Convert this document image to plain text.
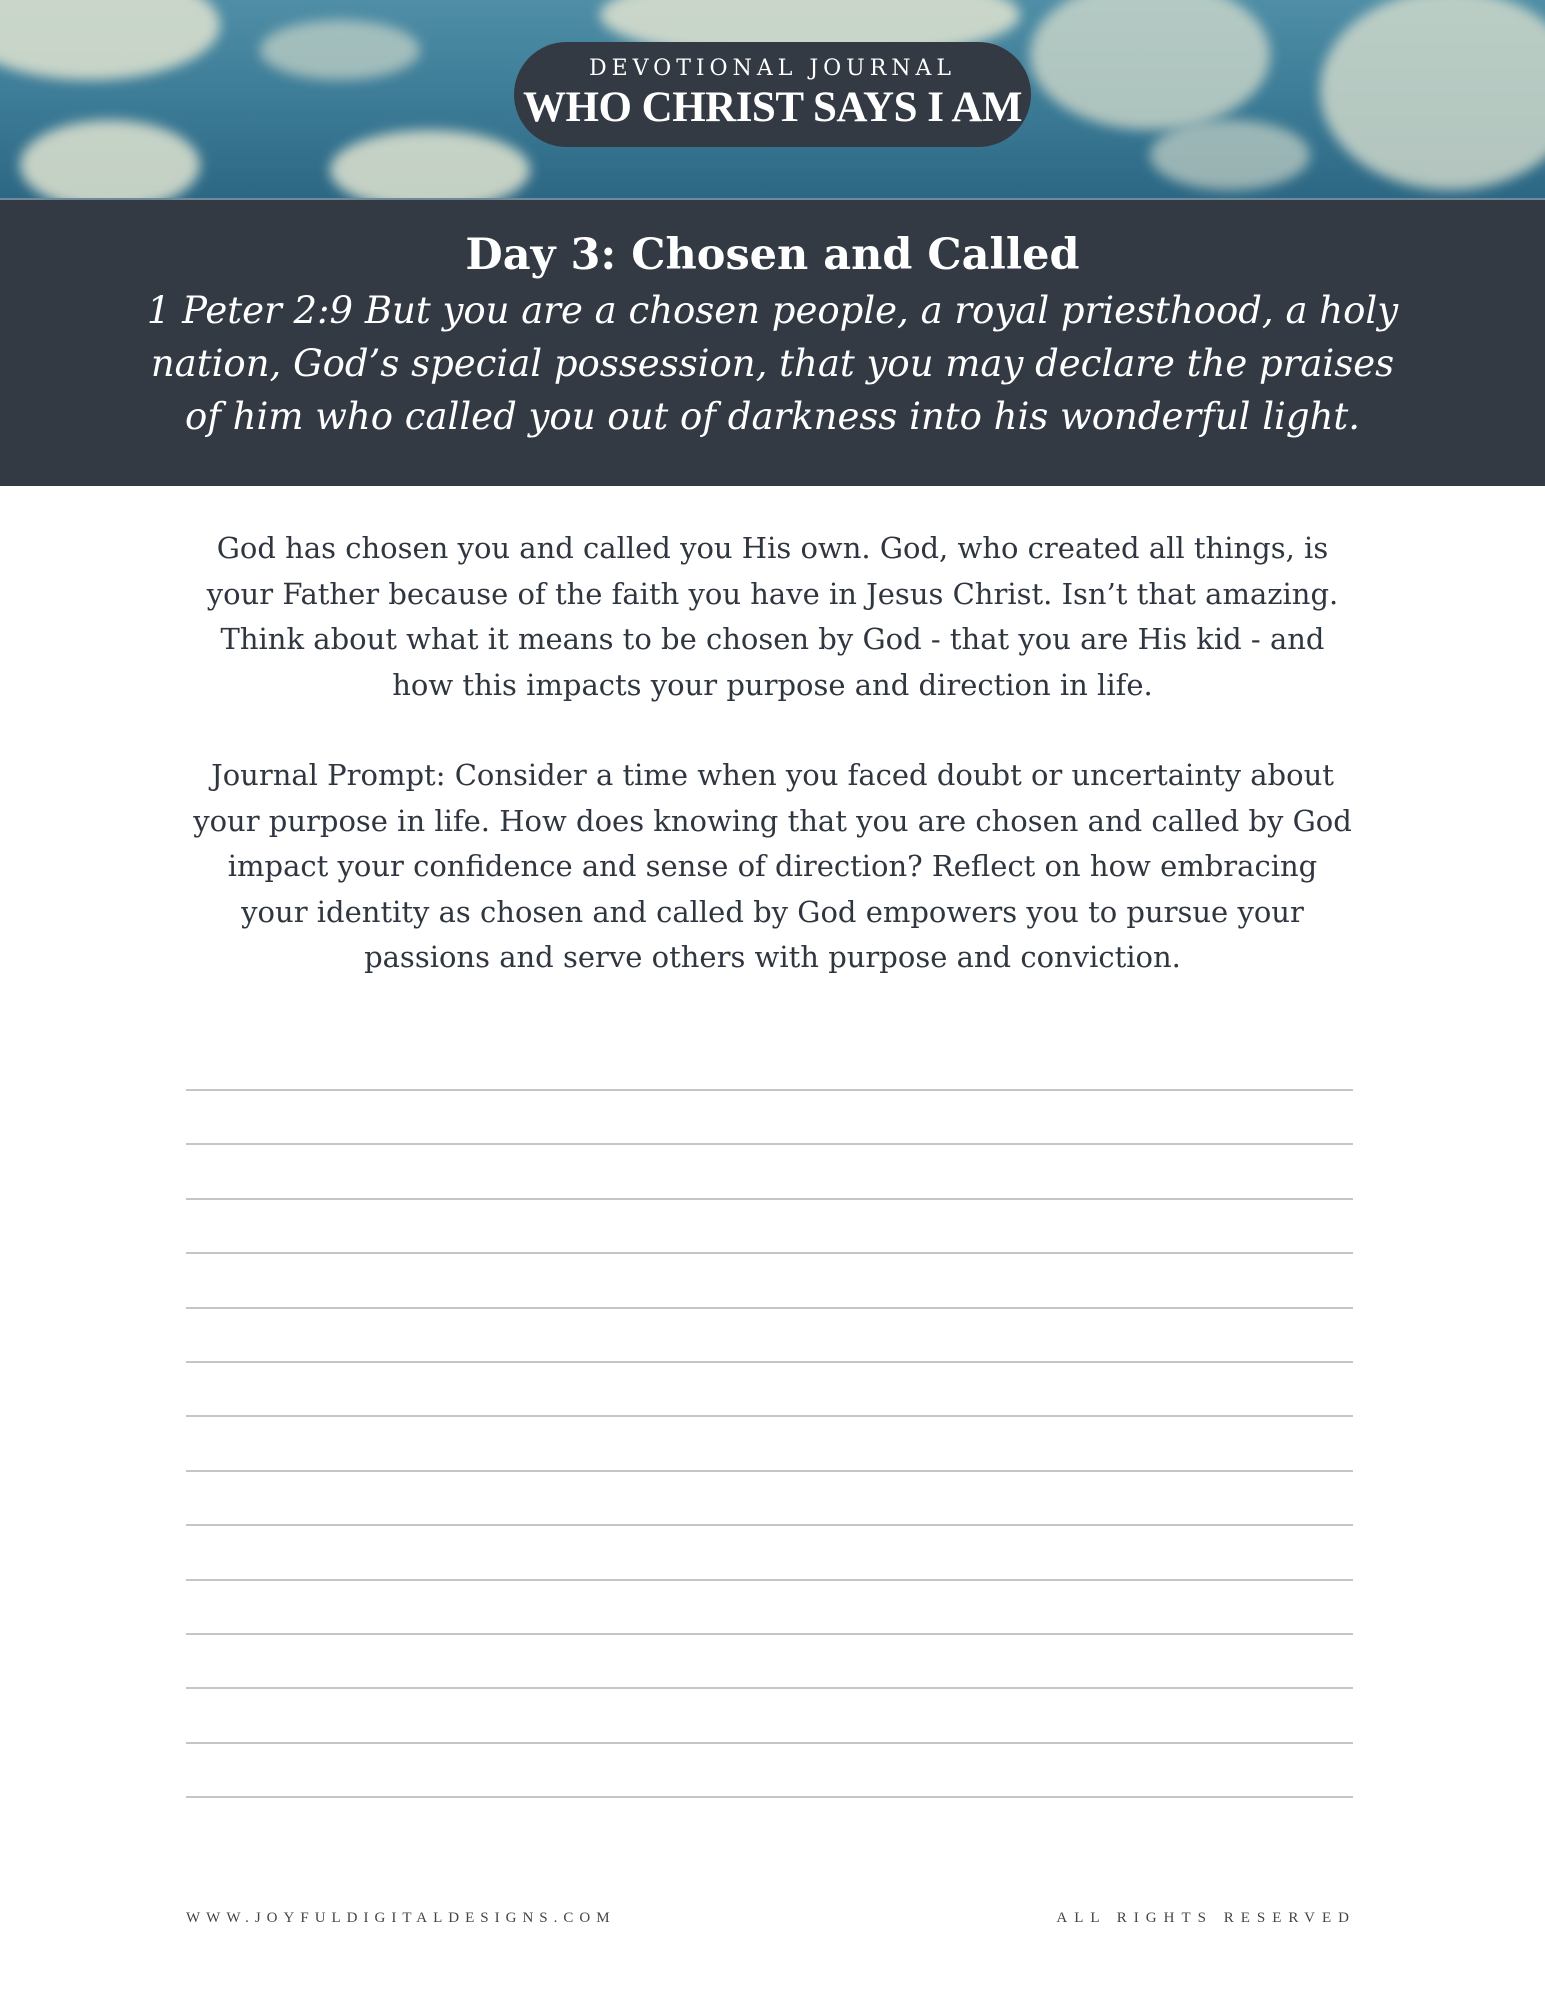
DEVOTIONAL JOURNAL
WHO CHRIST SAYS I AM
Day 3: Chosen and Called
1 Peter 2:9 But you are a chosen people, a royal priesthood, a holy
nation, God’s special possession, that you may declare the praises
of him who called you out of darkness into his wonderful light.
God has chosen you and called you His own. God, who created all things, is
your Father because of the faith you have in Jesus Christ. Isn’t that amazing.
Think about what it means to be chosen by God - that you are His kid - and
how this impacts your purpose and direction in life.
Journal Prompt: Consider a time when you faced doubt or uncertainty about
your purpose in life. How does knowing that you are chosen and called by God
impact your confidence and sense of direction? Reflect on how embracing
your identity as chosen and called by God empowers you to pursue your
passions and serve others with purpose and conviction.
WWW.JOYFULDIGITALDESIGNS.COM	ALL RIGHTS RESERVED
